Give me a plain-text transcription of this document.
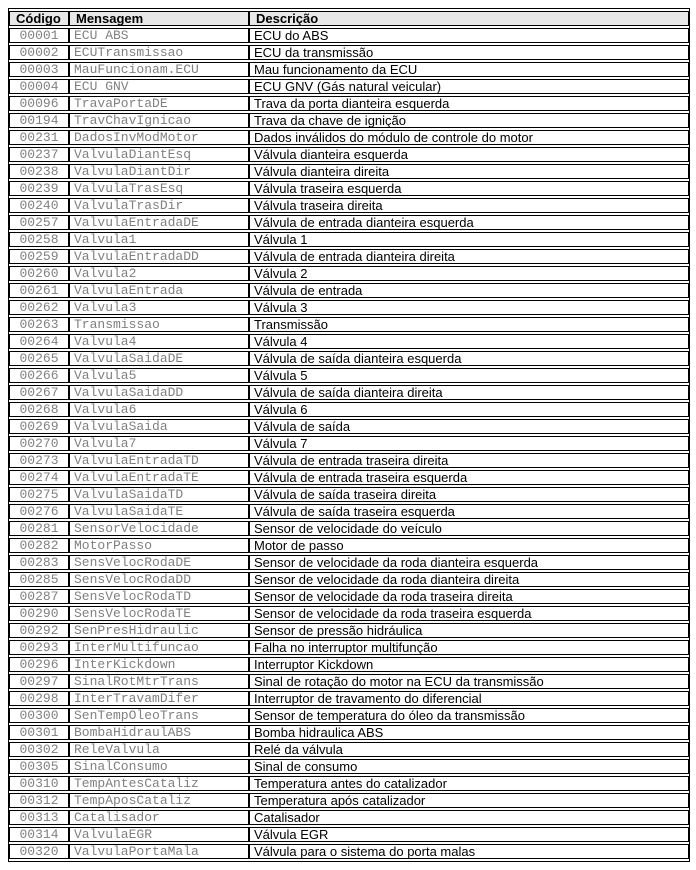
Código	Mensagem	Descrição
00001	ECU ABS	ECU do ABS
00002	ECUTransmissao	ECU da transmissão
00003	MauFuncionam.ECU	Mau funcionamento da ECU
00004	ECU GNV	ECU GNV (Gás natural veicular)
00096	TravaPortaDE	Trava da porta dianteira esquerda
00194	TravChavIgnicao	Trava da chave de ignição
00231	DadosInvModMotor	Dados inválidos do módulo de controle do motor
00237	ValvulaDiantEsq	Válvula dianteira esquerda
00238	ValvulaDiantDir	Válvula dianteira direita
00239	ValvulaTrasEsq	Válvula traseira esquerda
00240	ValvulaTrasDir	Válvula traseira direita
00257	ValvulaEntradaDE	Válvula de entrada dianteira esquerda
00258	Valvula1	Válvula 1
00259	ValvulaEntradaDD	Válvula de entrada dianteira direita
00260	Valvula2	Válvula 2
00261	ValvulaEntrada	Válvula de entrada
00262	Valvula3	Válvula 3
00263	Transmissao	Transmissão
00264	Valvula4	Válvula 4
00265	ValvulaSaidaDE	Válvula de saída dianteira esquerda
00266	Valvula5	Válvula 5
00267	ValvulaSaidaDD	Válvula de saída dianteira direita
00268	Valvula6	Válvula 6
00269	ValvulaSaida	Válvula de saída
00270	Valvula7	Válvula 7
00273	ValvulaEntradaTD	Válvula de entrada traseira direita
00274	ValvulaEntradaTE	Válvula de entrada traseira esquerda
00275	ValvulaSaidaTD	Válvula de saída traseira direita
00276	ValvulaSaidaTE	Válvula de saída traseira esquerda
00281	SensorVelocidade	Sensor de velocidade do veículo
00282	MotorPasso	Motor de passo
00283	SensVelocRodaDE	Sensor de velocidade da roda dianteira esquerda
00285	SensVelocRodaDD	Sensor de velocidade da roda dianteira direita
00287	SensVelocRodaTD	Sensor de velocidade da roda traseira direita
00290	SensVelocRodaTE	Sensor de velocidade da roda traseira esquerda
00292	SenPresHidraulic	Sensor de pressão hidráulica
00293	InterMultifuncao	Falha no interruptor multifunção
00296	InterKickdown	Interruptor Kickdown
00297	SinalRotMtrTrans	Sinal de rotação do motor na ECU da transmissão
00298	InterTravamDifer	Interruptor de travamento do diferencial
00300	SenTempOleoTrans	Sensor de temperatura do óleo da transmissão
00301	BombaHidraulABS	Bomba hidraulica ABS
00302	ReleValvula	Relé da válvula
00305	SinalConsumo	Sinal de consumo
00310	TempAntesCataliz	Temperatura antes do catalizador
00312	TempAposCataliz	Temperatura após catalizador
00313	Catalisador	Catalisador
00314	ValvulaEGR	Válvula EGR
00320	ValvulaPortaMala	Válvula para o sistema do porta malas
